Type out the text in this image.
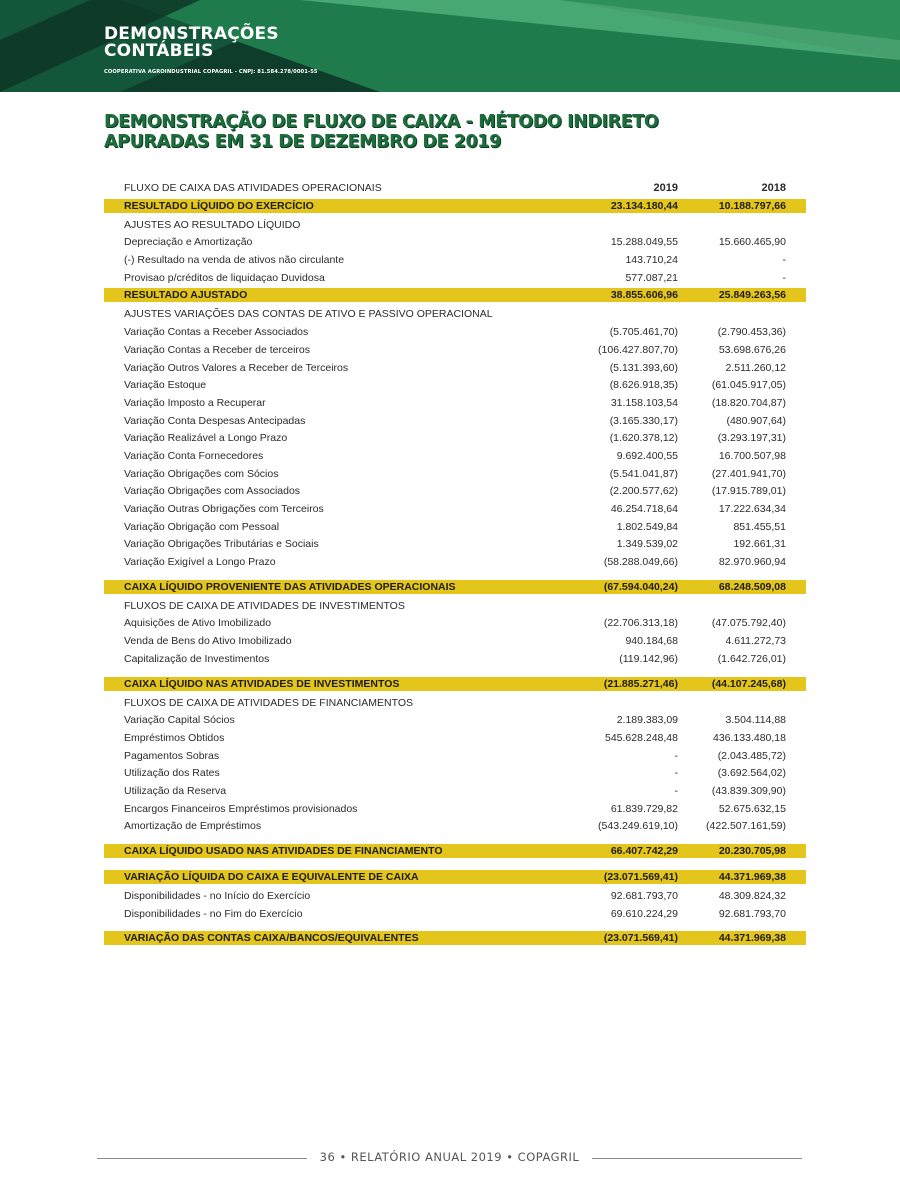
DEMONSTRAÇÕES
CONTÁBEIS
COOPERATIVA AGROINDUSTRIAL COPAGRIL - CNPJ: 81.584.278/0001-55
DEMONSTRAÇÃO DE FLUXO DE CAIXA - MÉTODO INDIRETO
APURADAS EM 31 DE DEZEMBRO DE 2019
FLUXO DE CAIXA DAS ATIVIDADES OPERACIONAIS	2019	2018
RESULTADO LÍQUIDO DO EXERCÍCIO	23.134.180,44	10.188.797,66
AJUSTES AO RESULTADO LÍQUIDO
Depreciação e Amortização	15.288.049,55	15.660.465,90
(-) Resultado na venda de ativos não circulante	143.710,24	-
Provisao p/créditos de liquidaçao Duvidosa	577.087,21	-
RESULTADO AJUSTADO	38.855.606,96	25.849.263,56
AJUSTES VARIAÇÕES DAS CONTAS DE ATIVO E PASSIVO OPERACIONAL
Variação Contas a Receber Associados	(5.705.461,70)	(2.790.453,36)
Variação Contas a Receber de terceiros	(106.427.807,70)	53.698.676,26
Variação Outros Valores a Receber de Terceiros	(5.131.393,60)	2.511.260,12
Variação Estoque	(8.626.918,35)	(61.045.917,05)
Variação Imposto a Recuperar	31.158.103,54	(18.820.704,87)
Variação Conta Despesas Antecipadas	(3.165.330,17)	(480.907,64)
Variação Realizável a Longo Prazo	(1.620.378,12)	(3.293.197,31)
Variação Conta Fornecedores	9.692.400,55	16.700.507,98
Variação Obrigações com Sócios	(5.541.041,87)	(27.401.941,70)
Variação Obrigações com Associados	(2.200.577,62)	(17.915.789,01)
Variação Outras Obrigações com Terceiros	46.254.718,64	17.222.634,34
Variação Obrigação com Pessoal	1.802.549,84	851.455,51
Variação Obrigações Tributárias e Sociais	1.349.539,02	192.661,31
Variação Exigível a Longo Prazo	(58.288.049,66)	82.970.960,94
CAIXA LÍQUIDO PROVENIENTE DAS ATIVIDADES OPERACIONAIS	(67.594.040,24)	68.248.509,08
FLUXOS DE CAIXA DE ATIVIDADES DE INVESTIMENTOS
Aquisições de Ativo Imobilizado	(22.706.313,18)	(47.075.792,40)
Venda de Bens do Ativo Imobilizado	940.184,68	4.611.272,73
Capitalização de Investimentos	(119.142,96)	(1.642.726,01)
CAIXA LÍQUIDO NAS ATIVIDADES DE INVESTIMENTOS	(21.885.271,46)	(44.107.245,68)
FLUXOS DE CAIXA DE ATIVIDADES DE FINANCIAMENTOS
Variação Capital Sócios	2.189.383,09	3.504.114,88
Empréstimos Obtidos	545.628.248,48	436.133.480,18
Pagamentos Sobras	-	(2.043.485,72)
Utilização dos Rates	-	(3.692.564,02)
Utilização da Reserva	-	(43.839.309,90)
Encargos Financeiros Empréstimos provisionados	61.839.729,82	52.675.632,15
Amortização de Empréstimos	(543.249.619,10)	(422.507.161,59)
CAIXA LÍQUIDO USADO NAS ATIVIDADES DE FINANCIAMENTO	66.407.742,29	20.230.705,98
VARIAÇÃO LÍQUIDA DO CAIXA E EQUIVALENTE DE CAIXA	(23.071.569,41)	44.371.969,38
Disponibilidades - no Início do Exercício	92.681.793,70	48.309.824,32
Disponibilidades - no Fim do Exercício	69.610.224,29	92.681.793,70
VARIAÇÃO DAS CONTAS CAIXA/BANCOS/EQUIVALENTES	(23.071.569,41)	44.371.969,38
36 • RELATÓRIO ANUAL 2019 • COPAGRIL
